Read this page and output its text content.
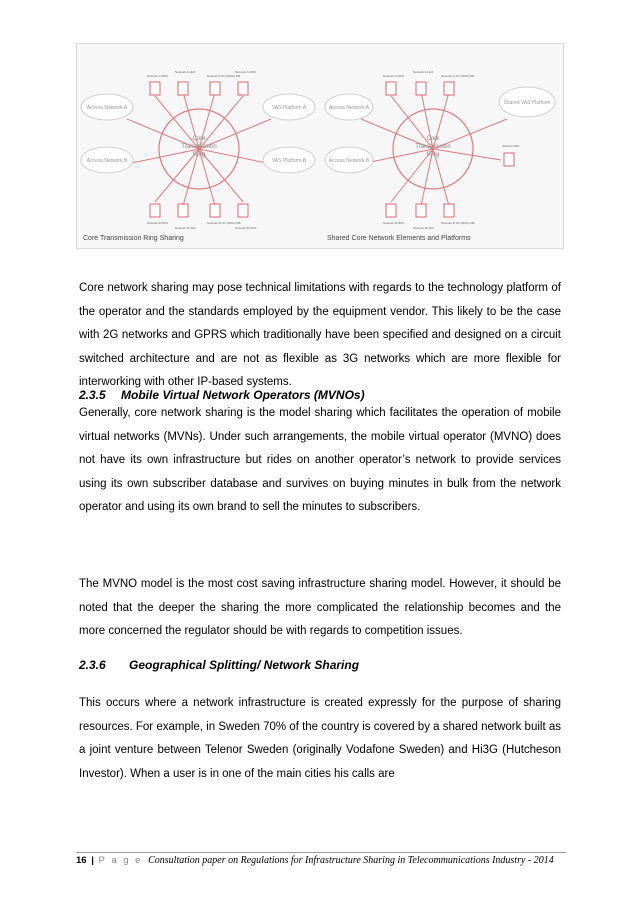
Core
Transmission
Ring
Access Network A
Access Network B
VAS Platform A
VAS Platform B
Network A MSC
Network A HLR
Network A SC (MSG) DB
Network A OMC
Network B MSC
Network B HLR
Network B SC (MSG) DB
Network B OMC
Core Transmission Ring Sharing
Core
Transmission
Ring
Access Network A
Access Network B
Shared VAS Platform
Network A MSC
Network A HLR
Network A SC (MSG) DB
Network B MSC
Network B HLR
Network B SC (MSG) DB
Shared OMC
Shared Core Network Elements and Platforms

Core network sharing may pose technical limitations with regards to the technology platform of the operator and the standards employed by the equipment vendor. This likely to be the case with 2G networks and GPRS which traditionally have been specified and designed on a circuit switched architecture and are not as flexible as 3G networks which are more flexible for interworking with other IP-based systems.

2.3.5 Mobile Virtual Network Operators (MVNOs)

Generally, core network sharing is the model sharing which facilitates the operation of mobile virtual networks (MVNs). Under such arrangements, the mobile virtual operator (MVNO) does not have its own infrastructure but rides on another operator’s network to provide services using its own subscriber database and survives on buying minutes in bulk from the network operator and using its own brand to sell the minutes to subscribers.

The MVNO model is the most cost saving infrastructure sharing model. However, it should be noted that the deeper the sharing the more complicated the relationship becomes and the more concerned the regulator should be with regards to competition issues.

2.3.6 Geographical Splitting/ Network Sharing

This occurs where a network infrastructure is created expressly for the purpose of sharing resources. For example, in Sweden 70% of the country is covered by a shared network built as a joint venture between Telenor Sweden (originally Vodafone Sweden) and Hi3G (Hutcheson Investor). When a user is in one of the main cities his calls are

16 | P a g e Consultation paper on Regulations for Infrastructure Sharing in Telecommunications Industry - 2014
